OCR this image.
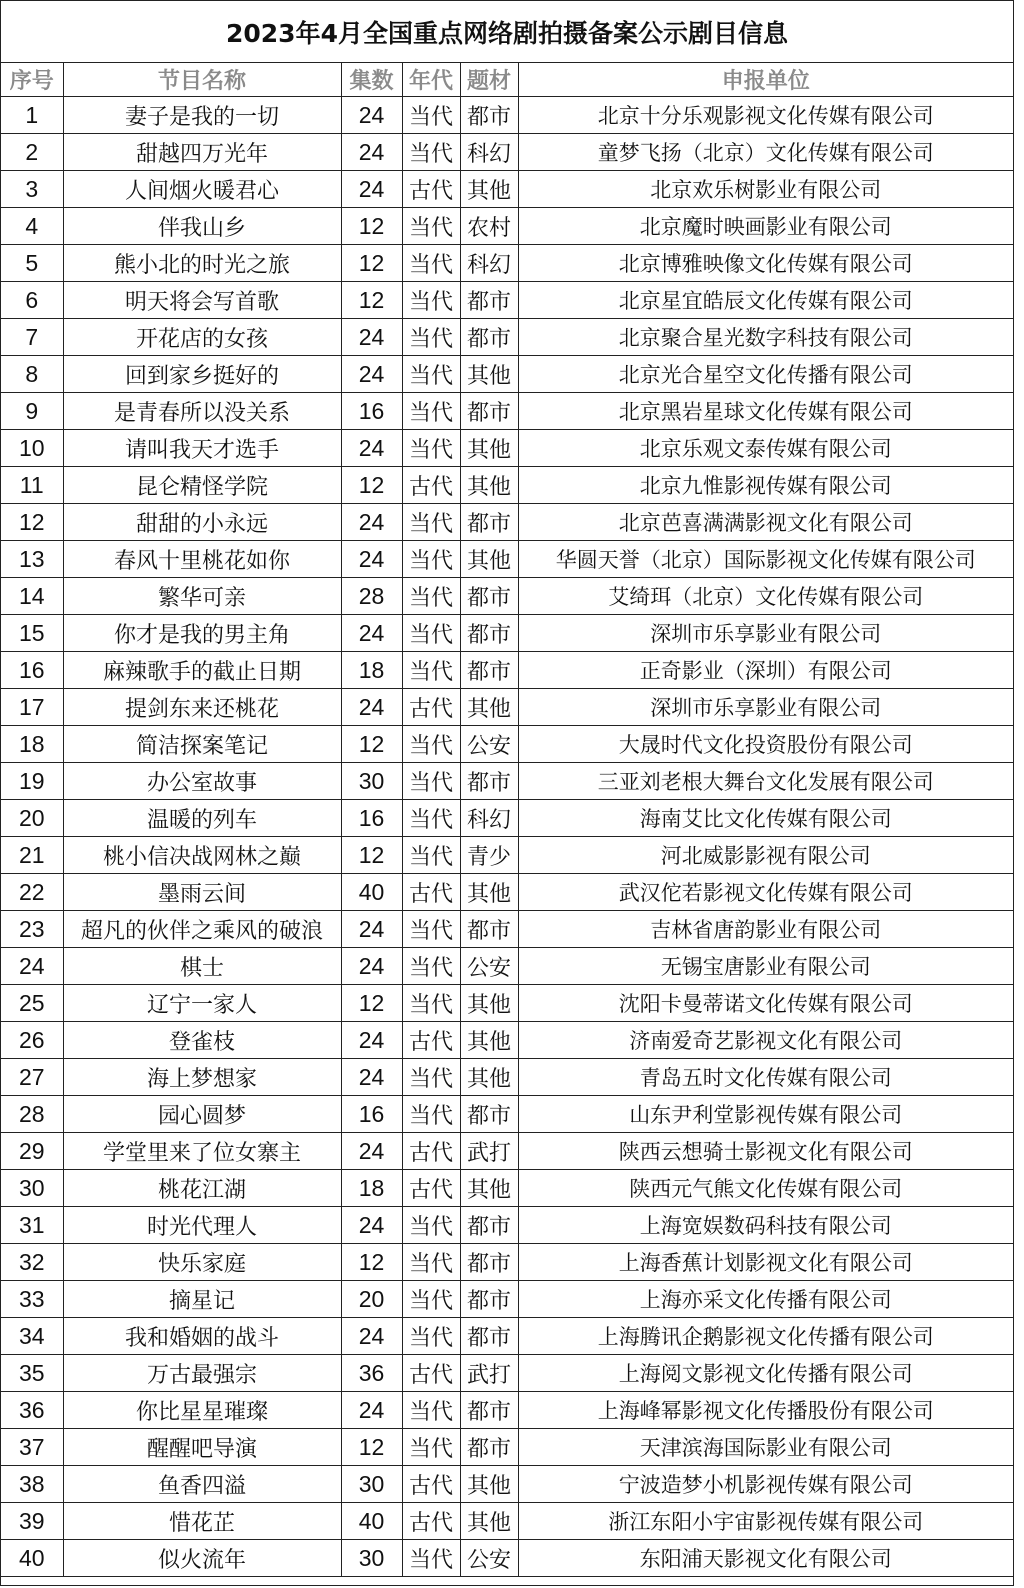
2023年4月全国重点网络剧拍摄备案公示剧目信息
序号	节目名称	集数	年代	题材	申报单位
1	妻子是我的一切	24	当代	都市	北京十分乐观影视文化传媒有限公司
2	甜越四万光年	24	当代	科幻	童梦飞扬（北京）文化传媒有限公司
3	人间烟火暖君心	24	古代	其他	北京欢乐树影业有限公司
4	伴我山乡	12	当代	农村	北京魔时映画影业有限公司
5	熊小北的时光之旅	12	当代	科幻	北京博雅映像文化传媒有限公司
6	明天将会写首歌	12	当代	都市	北京星宜皓辰文化传媒有限公司
7	开花店的女孩	24	当代	都市	北京聚合星光数字科技有限公司
8	回到家乡挺好的	24	当代	其他	北京光合星空文化传播有限公司
9	是青春所以没关系	16	当代	都市	北京黑岩星球文化传媒有限公司
10	请叫我天才选手	24	当代	其他	北京乐观文泰传媒有限公司
11	昆仑精怪学院	12	古代	其他	北京九惟影视传媒有限公司
12	甜甜的小永远	24	当代	都市	北京芭喜满满影视文化有限公司
13	春风十里桃花如你	24	当代	其他	华圆天誉（北京）国际影视文化传媒有限公司
14	繁华可亲	28	当代	都市	艾绮珥（北京）文化传媒有限公司
15	你才是我的男主角	24	当代	都市	深圳市乐享影业有限公司
16	麻辣歌手的截止日期	18	当代	都市	正奇影业（深圳）有限公司
17	提剑东来还桃花	24	古代	其他	深圳市乐享影业有限公司
18	简洁探案笔记	12	当代	公安	大晟时代文化投资股份有限公司
19	办公室故事	30	当代	都市	三亚刘老根大舞台文化发展有限公司
20	温暖的列车	16	当代	科幻	海南艾比文化传媒有限公司
21	桃小信决战网林之巅	12	当代	青少	河北威影影视有限公司
22	墨雨云间	40	古代	其他	武汉佗若影视文化传媒有限公司
23	超凡的伙伴之乘风的破浪	24	当代	都市	吉林省唐韵影业有限公司
24	棋士	24	当代	公安	无锡宝唐影业有限公司
25	辽宁一家人	12	当代	其他	沈阳卡曼蒂诺文化传媒有限公司
26	登雀枝	24	古代	其他	济南爱奇艺影视文化有限公司
27	海上梦想家	24	当代	其他	青岛五时文化传媒有限公司
28	园心圆梦	16	当代	都市	山东尹利堂影视传媒有限公司
29	学堂里来了位女寨主	24	古代	武打	陕西云想骑士影视文化有限公司
30	桃花江湖	18	古代	其他	陕西元气熊文化传媒有限公司
31	时光代理人	24	当代	都市	上海宽娱数码科技有限公司
32	快乐家庭	12	当代	都市	上海香蕉计划影视文化有限公司
33	摘星记	20	当代	都市	上海亦采文化传播有限公司
34	我和婚姻的战斗	24	当代	都市	上海腾讯企鹅影视文化传播有限公司
35	万古最强宗	36	古代	武打	上海阅文影视文化传播有限公司
36	你比星星璀璨	24	当代	都市	上海峰幂影视文化传播股份有限公司
37	醒醒吧导演	12	当代	都市	天津滨海国际影业有限公司
38	鱼香四溢	30	古代	其他	宁波造梦小机影视传媒有限公司
39	惜花芷	40	古代	其他	浙江东阳小宇宙影视传媒有限公司
40	似火流年	30	当代	公安	东阳浦天影视文化有限公司
